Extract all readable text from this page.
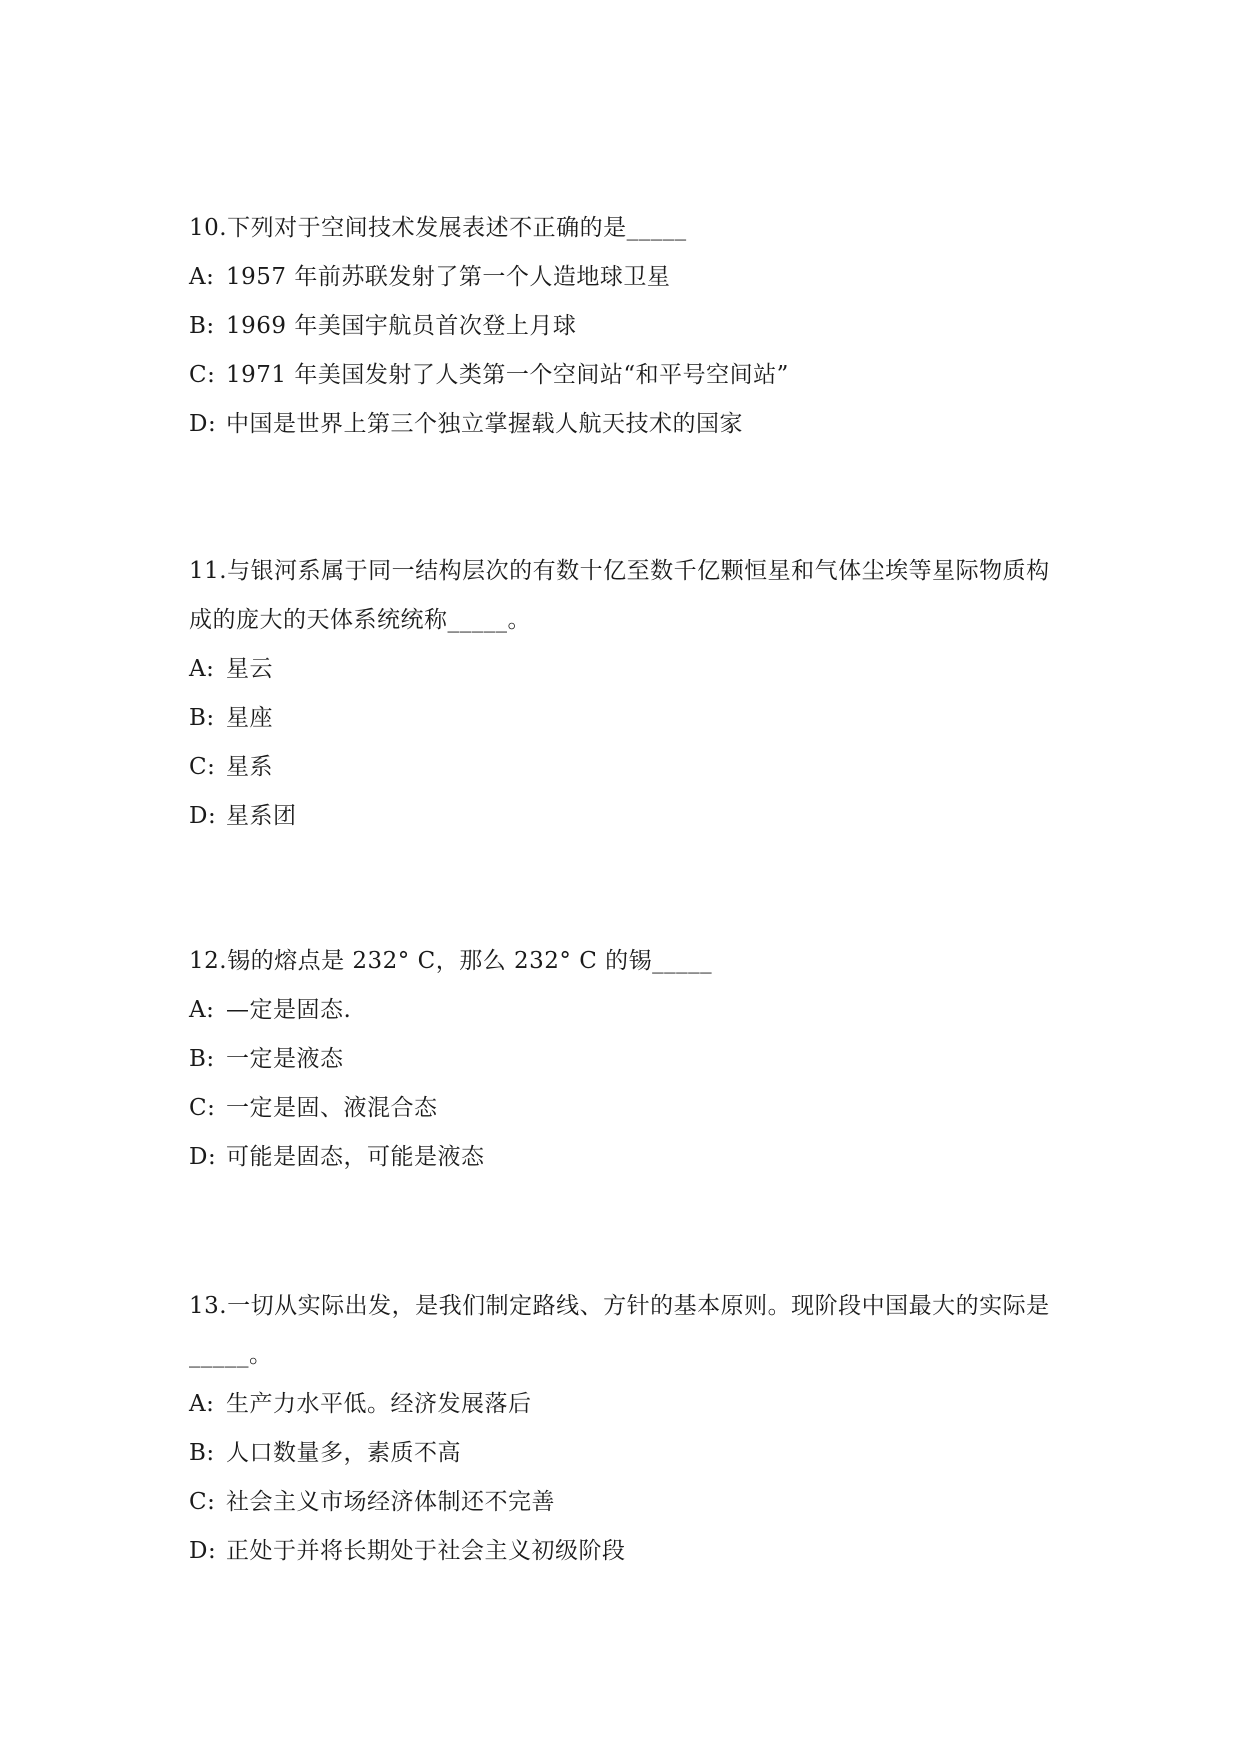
10.下列对于空间技术发展表述不正确的是_____

A: 1957 年前苏联发射了第一个人造地球卫星

B: 1969 年美国宇航员首次登上月球

C: 1971 年美国发射了人类第一个空间站“和平号空间站”

D: 中国是世界上第三个独立掌握载人航天技术的国家

11.与银河系属于同一结构层次的有数十亿至数千亿颗恒星和气体尘埃等星际物质构成的庞大的天体系统统称_____。

A: 星云

B: 星座

C: 星系

D: 星系团

12.锡的熔点是 232° C，那么 232° C 的锡_____

A: —定是固态.

B: 一定是液态

C: 一定是固、液混合态

D: 可能是固态，可能是液态

13.一切从实际出发，是我们制定路线、方针的基本原则。现阶段中国最大的实际是_____。

A: 生产力水平低。经济发展落后

B: 人口数量多，素质不高

C: 社会主义市场经济体制还不完善

D: 正处于并将长期处于社会主义初级阶段
